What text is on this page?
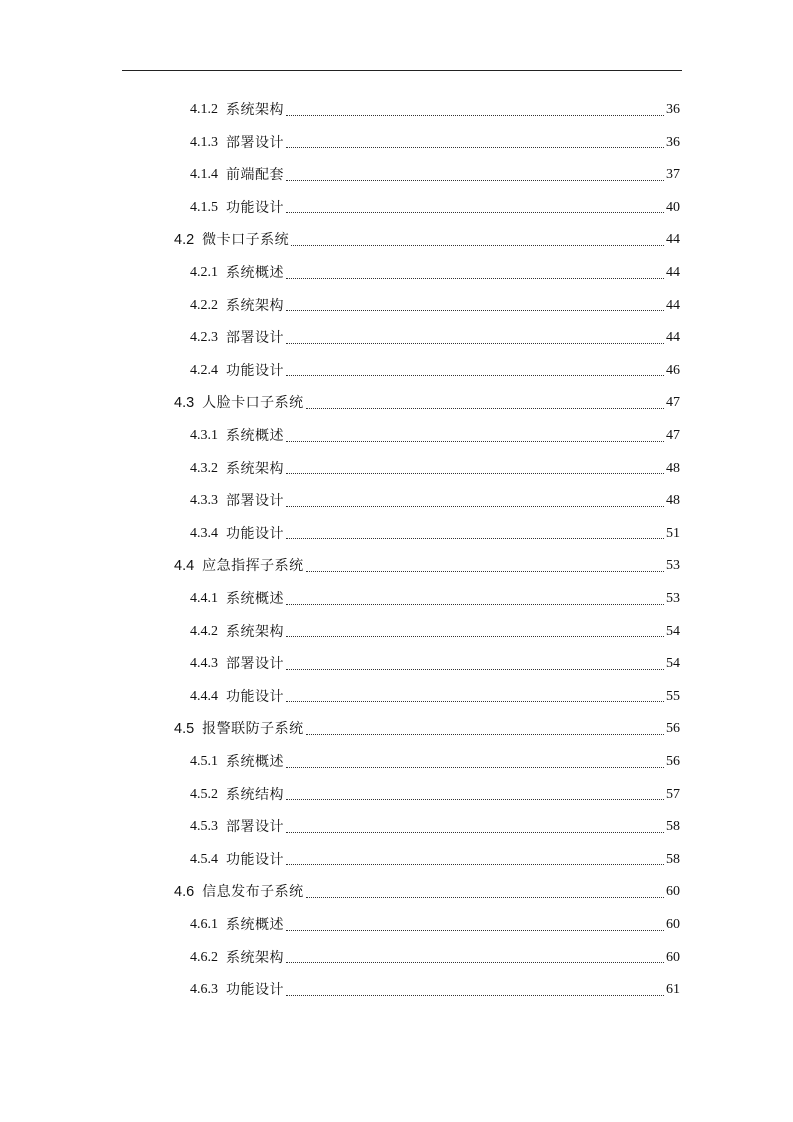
4.1.2 系统架构	36
4.1.3 部署设计	36
4.1.4 前端配套	37
4.1.5 功能设计	40
4.2 微卡口子系统	44
4.2.1 系统概述	44
4.2.2 系统架构	44
4.2.3 部署设计	44
4.2.4 功能设计	46
4.3 人脸卡口子系统	47
4.3.1 系统概述	47
4.3.2 系统架构	48
4.3.3 部署设计	48
4.3.4 功能设计	51
4.4 应急指挥子系统	53
4.4.1 系统概述	53
4.4.2 系统架构	54
4.4.3 部署设计	54
4.4.4 功能设计	55
4.5 报警联防子系统	56
4.5.1 系统概述	56
4.5.2 系统结构	57
4.5.3 部署设计	58
4.5.4 功能设计	58
4.6 信息发布子系统	60
4.6.1 系统概述	60
4.6.2 系统架构	60
4.6.3 功能设计	61
